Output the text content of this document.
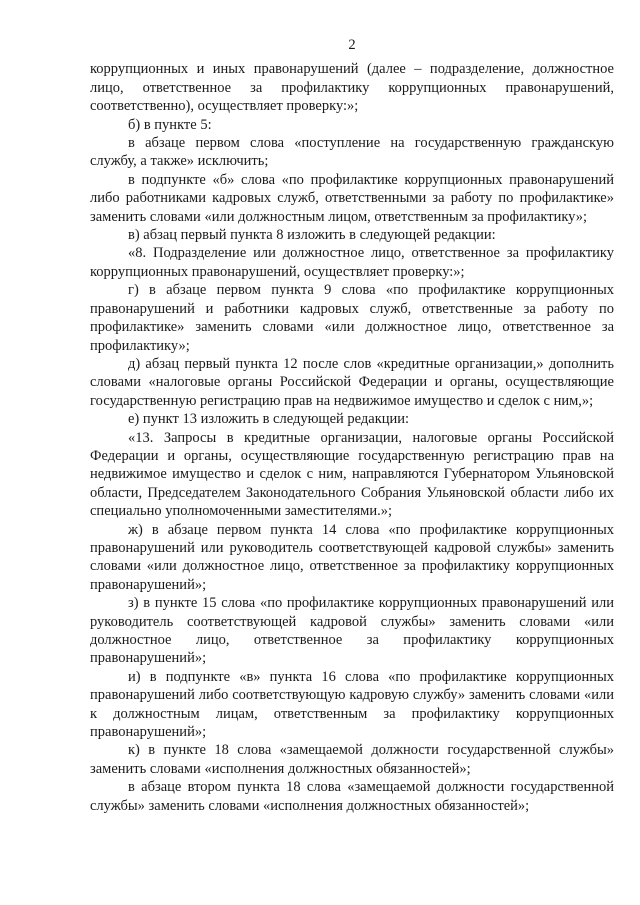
2

коррупционных и иных правонарушений (далее – подразделение, должностное лицо, ответственное за профилактику коррупционных правонарушений, соответственно), осуществляет проверку:»;

б) в пункте 5:

в абзаце первом слова «поступление на государственную гражданскую службу, а также» исключить;

в подпункте «б» слова «по профилактике коррупционных правонарушений либо работниками кадровых служб, ответственными за работу по профилактике» заменить словами «или должностным лицом, ответственным за профилактику»;

в) абзац первый пункта 8 изложить в следующей редакции:

«8. Подразделение или должностное лицо, ответственное за профилактику коррупционных правонарушений, осуществляет проверку:»;

г) в абзаце первом пункта 9 слова «по профилактике коррупционных правонарушений и работники кадровых служб, ответственные за работу по профилактике» заменить словами «или должностное лицо, ответственное за профилактику»;

д) абзац первый пункта 12 после слов «кредитные организации,» дополнить словами «налоговые органы Российской Федерации и органы, осуществляющие государственную регистрацию прав на недвижимое имущество и сделок с ним,»;

е) пункт 13 изложить в следующей редакции:

«13. Запросы в кредитные организации, налоговые органы Российской Федерации и органы, осуществляющие государственную регистрацию прав на недвижимое имущество и сделок с ним, направляются Губернатором Ульяновской области, Председателем Законодательного Собрания Ульяновской области либо их специально уполномоченными заместителями.»;

ж) в абзаце первом пункта 14 слова «по профилактике коррупционных правонарушений или руководитель соответствующей кадровой службы» заменить словами «или должностное лицо, ответственное за профилактику коррупционных правонарушений»;

з) в пункте 15 слова «по профилактике коррупционных правонарушений или руководитель соответствующей кадровой службы» заменить словами «или должностное лицо, ответственное за профилактику коррупционных правонарушений»;

и) в подпункте «в» пункта 16 слова «по профилактике коррупционных правонарушений либо соответствующую кадровую службу» заменить словами «или к должностным лицам, ответственным за профилактику коррупционных правонарушений»;

к) в пункте 18 слова «замещаемой должности государственной службы» заменить словами «исполнения должностных обязанностей»;

в абзаце втором пункта 18 слова «замещаемой должности государственной службы» заменить словами «исполнения должностных обязанностей»;
